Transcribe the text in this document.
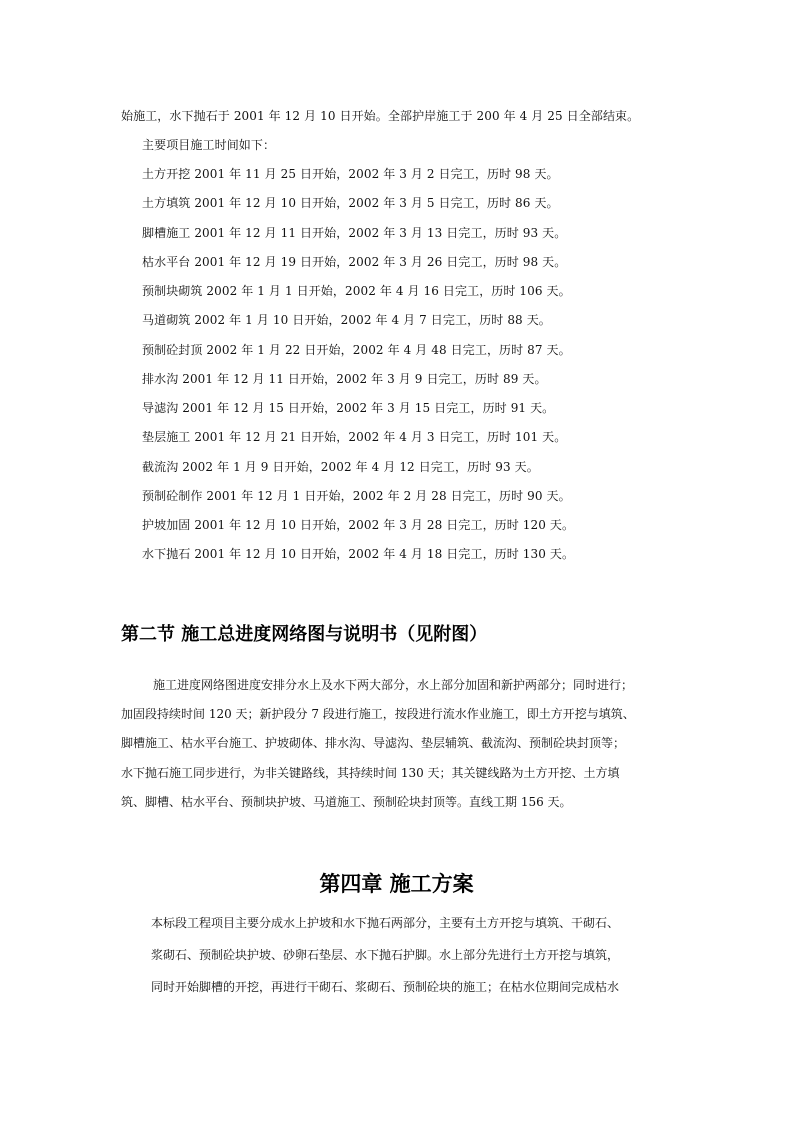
始施工，水下抛石于 2001 年 12 月 10 日开始。全部护岸施工于 200 年 4 月 25 日全部结束。
主要项目施工时间如下：
土方开挖 2001 年 11 月 25 日开始，2002 年 3 月 2 日完工，历时 98 天。
土方填筑 2001 年 12 月 10 日开始，2002 年 3 月 5 日完工，历时 86 天。
脚槽施工 2001 年 12 月 11 日开始，2002 年 3 月 13 日完工，历时 93 天。
枯水平台 2001 年 12 月 19 日开始，2002 年 3 月 26 日完工，历时 98 天。
预制块砌筑 2002 年 1 月 1 日开始，2002 年 4 月 16 日完工，历时 106 天。
马道砌筑 2002 年 1 月 10 日开始，2002 年 4 月 7 日完工，历时 88 天。
预制砼封顶 2002 年 1 月 22 日开始，2002 年 4 月 48 日完工，历时 87 天。
排水沟 2001 年 12 月 11 日开始，2002 年 3 月 9 日完工，历时 89 天。
导滤沟 2001 年 12 月 15 日开始，2002 年 3 月 15 日完工，历时 91 天。
垫层施工 2001 年 12 月 21 日开始，2002 年 4 月 3 日完工，历时 101 天。
截流沟 2002 年 1 月 9 日开始，2002 年 4 月 12 日完工，历时 93 天。
预制砼制作 2001 年 12 月 1 日开始，2002 年 2 月 28 日完工，历时 90 天。
护坡加固 2001 年 12 月 10 日开始，2002 年 3 月 28 日完工，历时 120 天。
水下抛石 2001 年 12 月 10 日开始，2002 年 4 月 18 日完工，历时 130 天。
第二节 施工总进度网络图与说明书（见附图）
施工进度网络图进度安排分水上及水下两大部分，水上部分加固和新护两部分；同时进行；
加固段持续时间 120 天；新护段分 7 段进行施工，按段进行流水作业施工，即土方开挖与填筑、
脚槽施工、枯水平台施工、护坡砌体、排水沟、导滤沟、垫层辅筑、截流沟、预制砼块封顶等；
水下抛石施工同步进行，为非关键路线，其持续时间 130 天；其关键线路为土方开挖、土方填
筑、脚槽、枯水平台、预制块护坡、马道施工、预制砼块封顶等。直线工期 156 天。
第四章 施工方案
本标段工程项目主要分成水上护坡和水下抛石两部分，主要有土方开挖与填筑、干砌石、
浆砌石、预制砼块护坡、砂卵石垫层、水下抛石护脚。水上部分先进行土方开挖与填筑，
同时开始脚槽的开挖，再进行干砌石、浆砌石、预制砼块的施工；在枯水位期间完成枯水
